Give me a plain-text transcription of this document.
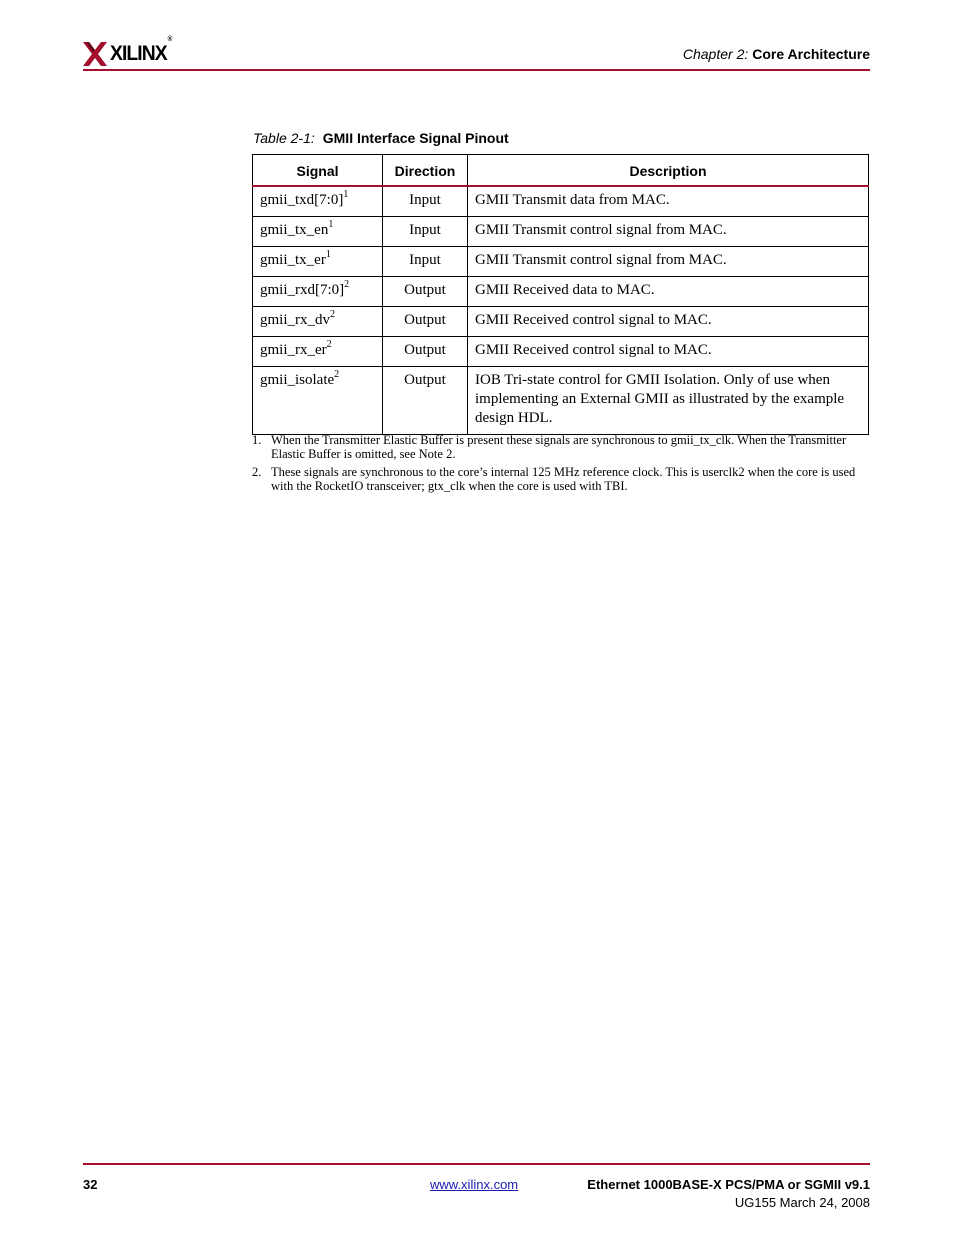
XILINX®
Chapter 2: Core Architecture
Table 2-1: GMII Interface Signal Pinout
Signal	Direction	Description
gmii_txd[7:0]$^1$	Input	GMII Transmit data from MAC.
$gmii\_tx\_en^1$	Input	GMII Transmit control signal from MAC.
$gmii\_tx\_er^1$	Input	GMII Transmit control signal from MAC.
gmii_rxd[7:0]$^2$	Output	GMII Received data to MAC.
$gmii\_rx\_dv^2$	Output	GMII Received control signal to MAC.
$gmii\_rx\_er^2$	Output	GMII Received control signal to MAC.
gmii_isolate$^2$	Output	IOB Tri-state control for GMII Isolation. Only of use when implementing an External GMII as illustrated by the example design HDL.
1. When the Transmitter Elastic Buffer is present these signals are synchronous to gmii_tx_clk. When the Transmitter Elastic Buffer is omitted, see Note 2.
2. These signals are synchronous to the core’s internal 125 MHz reference clock. This is userclk2 when the core is used with the RocketIO transceiver; gtx_clk when the core is used with TBI.
32	www.xilinx.com	Ethernet 1000BASE-X PCS/PMA or SGMII v9.1
UG155 March 24, 2008
